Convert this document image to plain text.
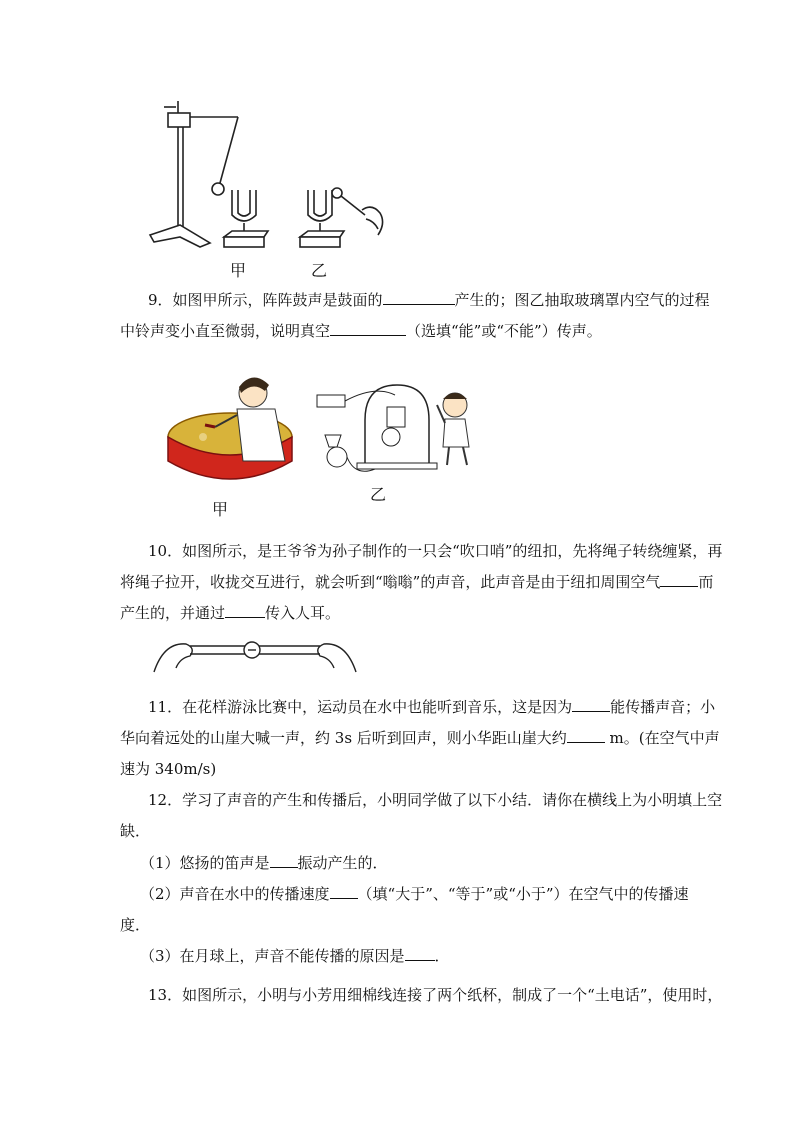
甲	乙
9．如图甲所示，阵阵鼓声是鼓面的	产生的；图乙抽取玻璃罩内空气的过程
中铃声变小直至微弱，说明真空	（选填“能”或“不能”）传声。
甲
乙
10．如图所示，是王爷爷为孙子制作的一只会“吹口哨”的纽扣，先将绳子转绕缠紧，再
将绳子拉开，收拢交互进行，就会听到“嗡嗡”的声音，此声音是由于纽扣周围空气	而
产生的，并通过	传入人耳。
11．在花样游泳比赛中，运动员在水中也能听到音乐，这是因为	能传播声音；小
华向着远处的山崖大喊一声，约 3s 后听到回声，则小华距山崖大约	m。(在空气中声
速为 340m/s)
12．学习了声音的产生和传播后，小明同学做了以下小结．请你在横线上为小明填上空
缺．
（1）悠扬的笛声是 振动产生的．
（2）声音在水中的传播速度 （填“大于”、“等于”或“小于”）在空气中的传播速
度．
（3）在月球上，声音不能传播的原因是 ．
13．如图所示，小明与小芳用细棉线连接了两个纸杯，制成了一个“土电话”，使用时，
